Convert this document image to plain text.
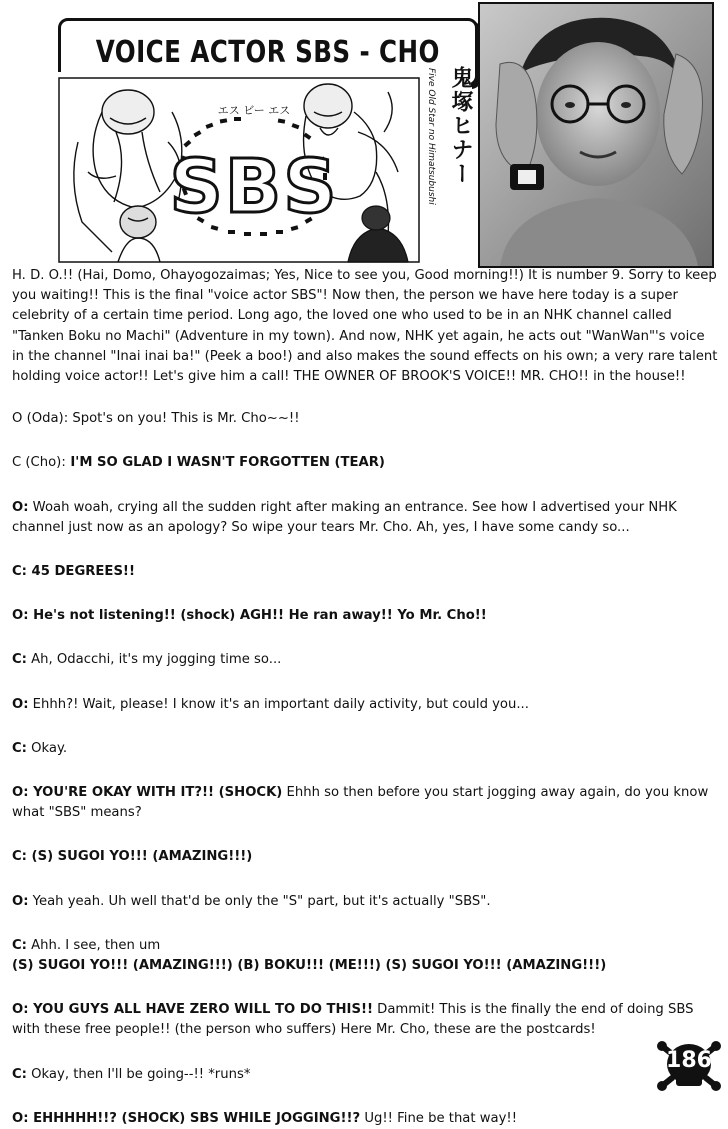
VOICE ACTOR SBS - CHO
SBS
エス ビー エス	Five Old Star no Himatsubushi 鬼塚ヒナー

H. D. O.!! (Hai, Domo, Ohayogozaimas; Yes, Nice to see you, Good morning!!) It is number 9. Sorry to keep you waiting!! This is the final "voice actor SBS"! Now then, the person we have here today is a super celebrity of a certain time period. Long ago, the loved one who used to be in an NHK channel called "Tanken Boku no Machi" (Adventure in my town). And now, NHK yet again, he acts out "WanWan"'s voice in the channel "Inai inai ba!" (Peek a boo!) and also makes the sound effects on his own; a very rare talent holding voice actor!! Let's give him a call! THE OWNER OF BROOK'S VOICE!! MR. CHO!! in the house!!

O (Oda): Spot's on you! This is Mr. Cho~~!!

C (Cho): I'M SO GLAD I WASN'T FORGOTTEN (TEAR)

O: Woah woah, crying all the sudden right after making an entrance. See how I advertised your NHK channel just now as an apology? So wipe your tears Mr. Cho. Ah, yes, I have some candy so...

C: 45 DEGREES!!

O: He's not listening!! (shock) AGH!! He ran away!! Yo Mr. Cho!!

C: Ah, Odacchi, it's my jogging time so...

O: Ehhh?! Wait, please! I know it's an important daily activity, but could you...

C: Okay.

O: YOU'RE OKAY WITH IT?!! (SHOCK) Ehhh so then before you start jogging away again, do you know what "SBS" means?

C: (S) SUGOI YO!!! (AMAZING!!!)

O: Yeah yeah. Uh well that'd be only the "S" part, but it's actually "SBS".

C: Ahh. I see, then um
(S) SUGOI YO!!! (AMAZING!!!) (B) BOKU!!! (ME!!!) (S) SUGOI YO!!! (AMAZING!!!)

O: YOU GUYS ALL HAVE ZERO WILL TO DO THIS!! Dammit! This is the finally the end of doing SBS with these free people!! (the person who suffers) Here Mr. Cho, these are the postcards!

C: Okay, then I'll be going--!! *runs*

O: EHHHHH!!? (SHOCK) SBS WHILE JOGGING!!? Ug!! Fine be that way!!

186
